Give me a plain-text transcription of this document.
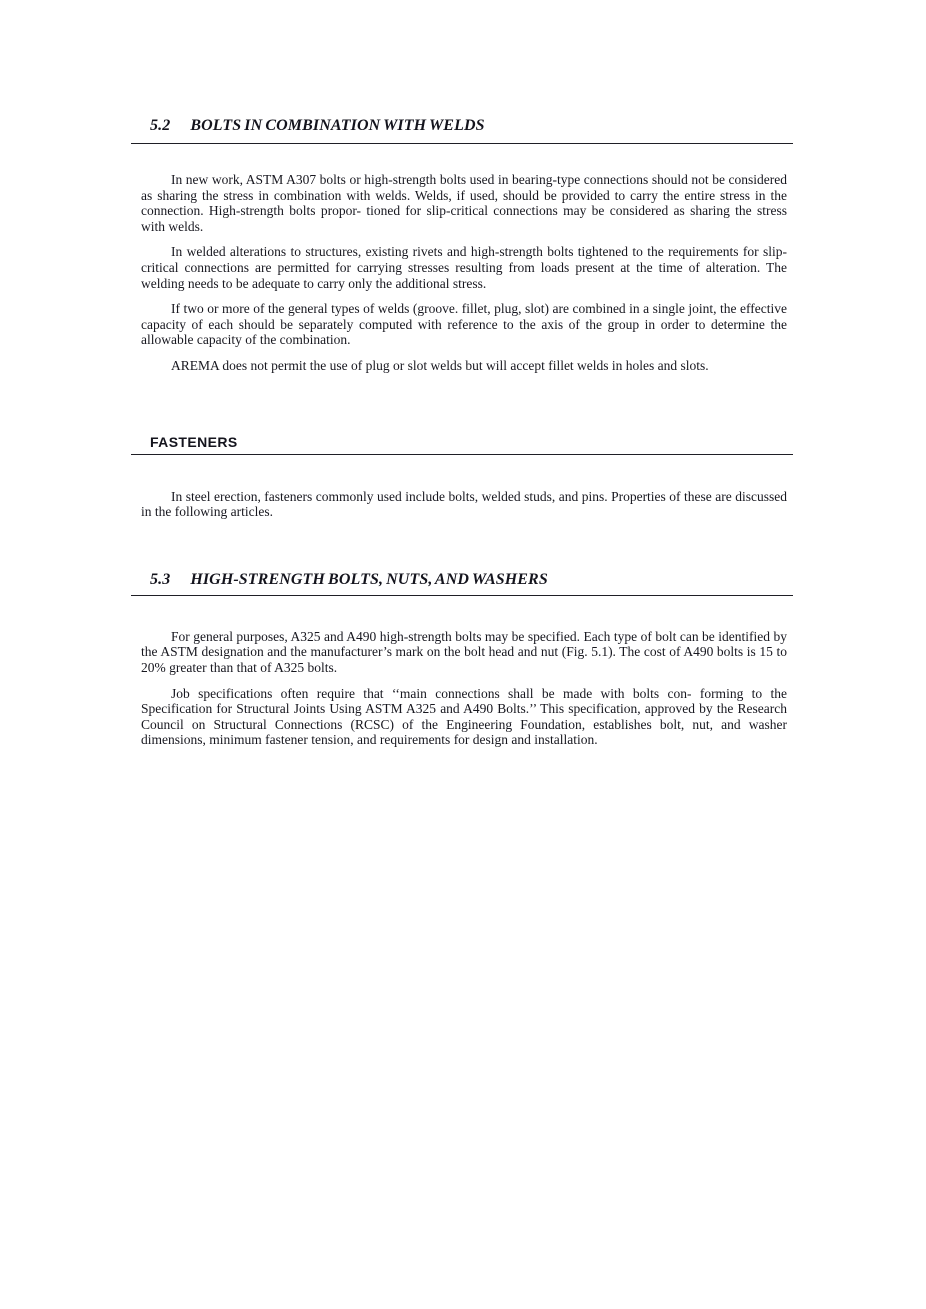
5.2 BOLTS IN COMBINATION WITH WELDS

In new work, ASTM A307 bolts or high-strength bolts used in bearing-type connections should not be considered as sharing the stress in combination with welds. Welds, if used, should be provided to carry the entire stress in the connection. High-strength bolts propor- tioned for slip-critical connections may be considered as sharing the stress with welds.

In welded alterations to structures, existing rivets and high-strength bolts tightened to the requirements for slip-critical connections are permitted for carrying stresses resulting from loads present at the time of alteration. The welding needs to be adequate to carry only the additional stress.

If two or more of the general types of welds (groove. fillet, plug, slot) are combined in a single joint, the effective capacity of each should be separately computed with reference to the axis of the group in order to determine the allowable capacity of the combination.

AREMA does not permit the use of plug or slot welds but will accept fillet welds in holes and slots.

FASTENERS

In steel erection, fasteners commonly used include bolts, welded studs, and pins. Properties of these are discussed in the following articles.

5.3 HIGH-STRENGTH BOLTS, NUTS, AND WASHERS

For general purposes, A325 and A490 high-strength bolts may be specified. Each type of bolt can be identified by the ASTM designation and the manufacturer’s mark on the bolt head and nut (Fig. 5.1). The cost of A490 bolts is 15 to 20% greater than that of A325 bolts.

Job specifications often require that ‘‘main connections shall be made with bolts con- forming to the Specification for Structural Joints Using ASTM A325 and A490 Bolts.’’ This specification, approved by the Research Council on Structural Connections (RCSC) of the Engineering Foundation, establishes bolt, nut, and washer dimensions, minimum fastener tension, and requirements for design and installation.
